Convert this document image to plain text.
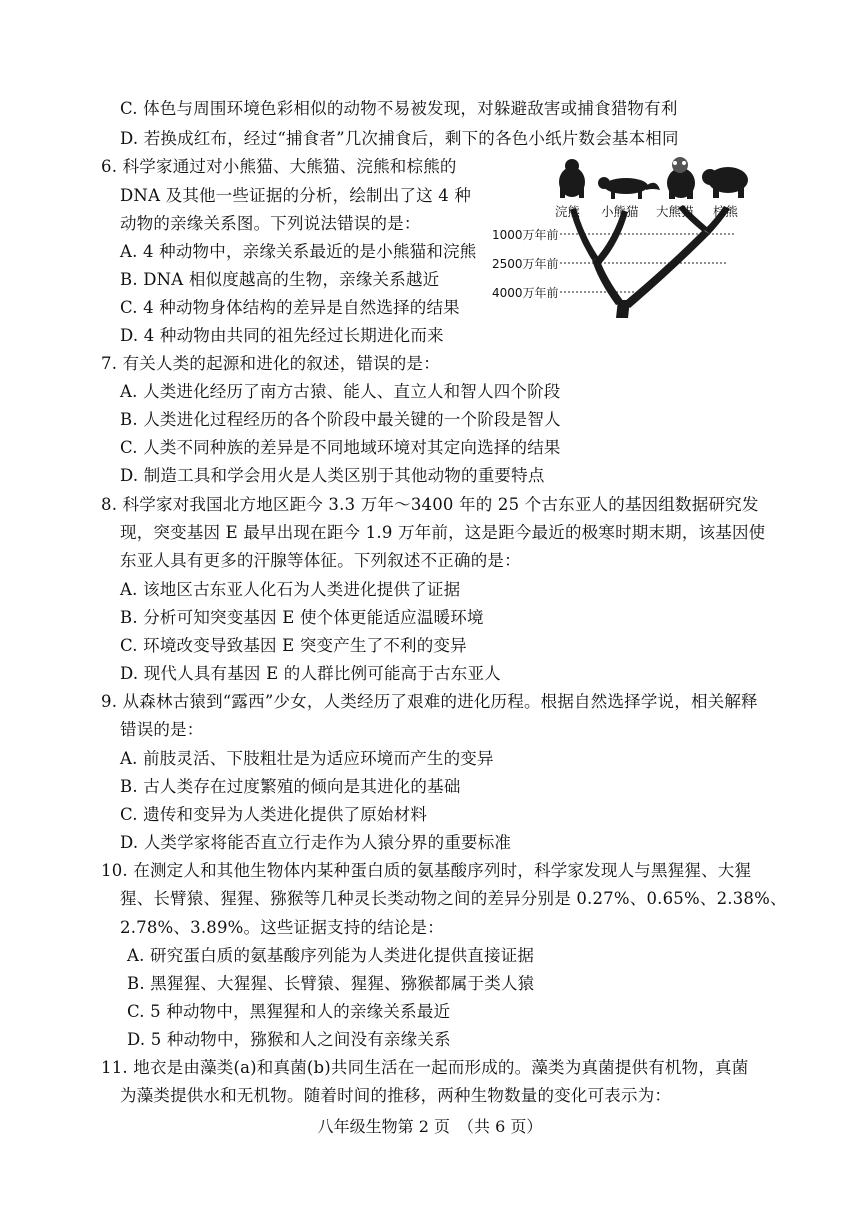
C. 体色与周围环境色彩相似的动物不易被发现，对躲避敌害或捕食猎物有利
D. 若换成红布，经过“捕食者”几次捕食后，剩下的各色小纸片数会基本相同
6. 科学家通过对小熊猫、大熊猫、浣熊和棕熊的
DNA 及其他一些证据的分析，绘制出了这 4 种
动物的亲缘关系图。下列说法错误的是：
A. 4 种动物中，亲缘关系最近的是小熊猫和浣熊
B. DNA 相似度越高的生物，亲缘关系越近
C. 4 种动物身体结构的差异是自然选择的结果
D. 4 种动物由共同的祖先经过长期进化而来
浣熊 小熊猫 大熊猫 棕熊
1000万年前
2500万年前
4000万年前
7. 有关人类的起源和进化的叙述，错误的是：
A. 人类进化经历了南方古猿、能人、直立人和智人四个阶段
B. 人类进化过程经历的各个阶段中最关键的一个阶段是智人
C. 人类不同种族的差异是不同地域环境对其定向选择的结果
D. 制造工具和学会用火是人类区别于其他动物的重要特点
8. 科学家对我国北方地区距今 3.3 万年～3400 年的 25 个古东亚人的基因组数据研究发
现，突变基因 E 最早出现在距今 1.9 万年前，这是距今最近的极寒时期末期，该基因使
东亚人具有更多的汗腺等体征。下列叙述不正确的是：
A. 该地区古东亚人化石为人类进化提供了证据
B. 分析可知突变基因 E 使个体更能适应温暖环境
C. 环境改变导致基因 E 突变产生了不利的变异
D. 现代人具有基因 E 的人群比例可能高于古东亚人
9. 从森林古猿到“露西”少女，人类经历了艰难的进化历程。根据自然选择学说，相关解释
错误的是：
A. 前肢灵活、下肢粗壮是为适应环境而产生的变异
B. 古人类存在过度繁殖的倾向是其进化的基础
C. 遗传和变异为人类进化提供了原始材料
D. 人类学家将能否直立行走作为人猿分界的重要标准
10. 在测定人和其他生物体内某种蛋白质的氨基酸序列时，科学家发现人与黑猩猩、大猩
猩、长臂猿、猩猩、猕猴等几种灵长类动物之间的差异分别是 0.27%、0.65%、2.38%、
2.78%、3.89%。这些证据支持的结论是：
A. 研究蛋白质的氨基酸序列能为人类进化提供直接证据
B. 黑猩猩、大猩猩、长臂猿、猩猩、猕猴都属于类人猿
C. 5 种动物中，黑猩猩和人的亲缘关系最近
D. 5 种动物中，猕猴和人之间没有亲缘关系
11. 地衣是由藻类(a)和真菌(b)共同生活在一起而形成的。藻类为真菌提供有机物，真菌
为藻类提供水和无机物。随着时间的推移，两种生物数量的变化可表示为：
八年级生物第 2 页　（共 6 页）
